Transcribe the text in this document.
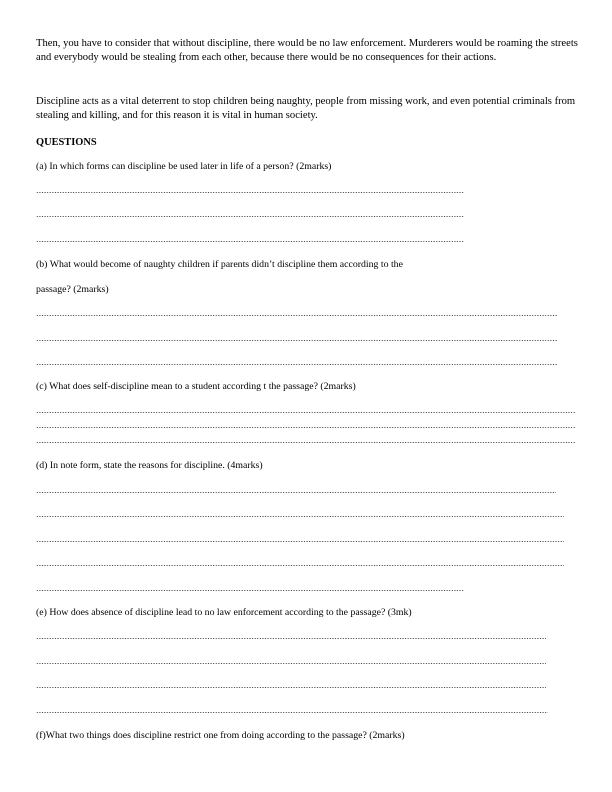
Then, you have to consider that without discipline, there would be no law enforcement. Murderers would be roaming the streets and everybody would be stealing from each other, because there would be no consequences for their actions.

Discipline acts as a vital deterrent to stop children being naughty, people from missing work, and even potential criminals from stealing and killing, and for this reason it is vital in human society.

QUESTIONS

(a) In which forms can discipline be used later in life of a person? (2marks)

(b) What would become of naughty children if parents didn’t discipline them according to the

passage? (2marks)

(c) What does self-discipline mean to a student according t the passage? (2marks)

(d) In note form, state the reasons for discipline. (4marks)

(e) How does absence of discipline lead to no law enforcement according to the passage? (3mk)

(f)What two things does discipline restrict one from doing according to the passage? (2marks)
